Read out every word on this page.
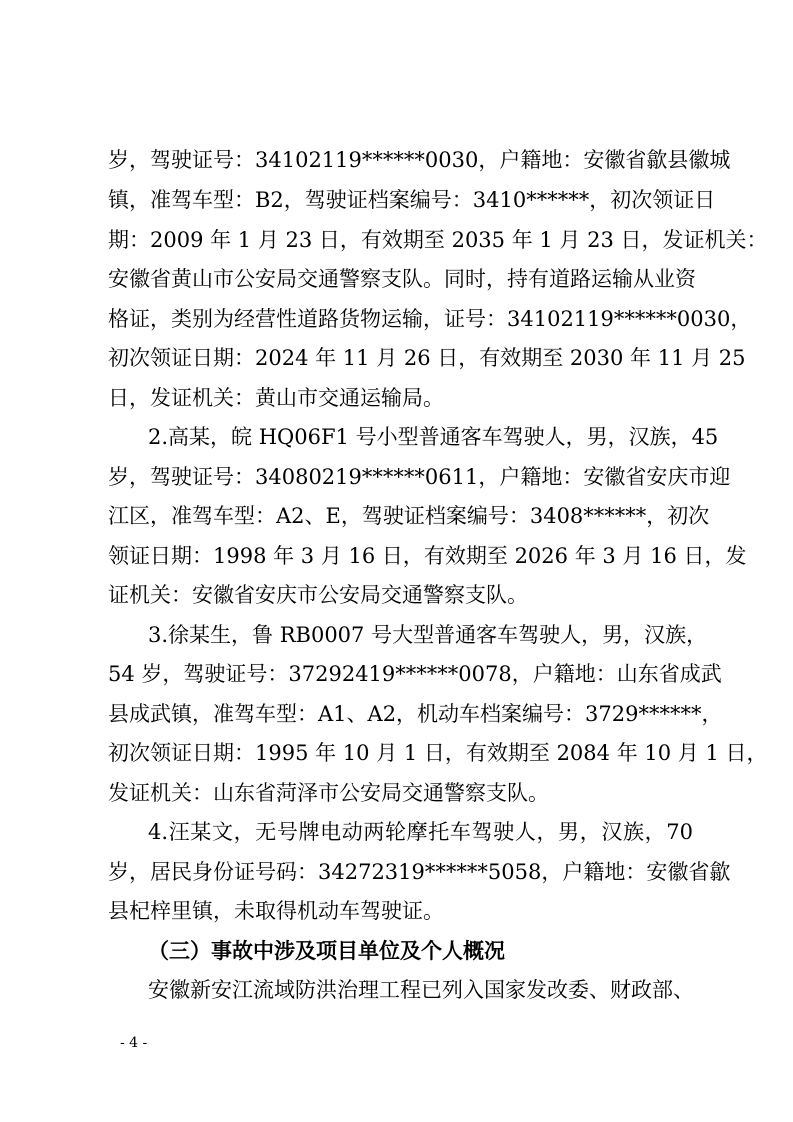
岁，驾驶证号：34102119******0030，户籍地：安徽省歙县徽城

镇，准驾车型：B2，驾驶证档案编号：3410******，初次领证日

期：2009 年 1 月 23 日，有效期至 2035 年 1 月 23 日，发证机关：

安徽省黄山市公安局交通警察支队。同时，持有道路运输从业资

格证，类别为经营性道路货物运输，证号：34102119******0030，

初次领证日期：2024 年 11 月 26 日，有效期至 2030 年 11 月 25

日，发证机关：黄山市交通运输局。

2.高某，皖 HQ06F1 号小型普通客车驾驶人，男，汉族，45

岁，驾驶证号：34080219******0611，户籍地：安徽省安庆市迎

江区，准驾车型：A2、E，驾驶证档案编号：3408******，初次

领证日期：1998 年 3 月 16 日，有效期至 2026 年 3 月 16 日，发

证机关：安徽省安庆市公安局交通警察支队。

3.徐某生，鲁 RB0007 号大型普通客车驾驶人，男，汉族，

54 岁，驾驶证号：37292419******0078，户籍地：山东省成武

县成武镇，准驾车型：A1、A2，机动车档案编号：3729******，

初次领证日期：1995 年 10 月 1 日，有效期至 2084 年 10 月 1 日，

发证机关：山东省菏泽市公安局交通警察支队。

4.汪某文，无号牌电动两轮摩托车驾驶人，男，汉族，70

岁，居民身份证号码：34272319******5058，户籍地：安徽省歙

县杞梓里镇，未取得机动车驾驶证。

（三）事故中涉及项目单位及个人概况

安徽新安江流域防洪治理工程已列入国家发改委、财政部、

- 4 -
